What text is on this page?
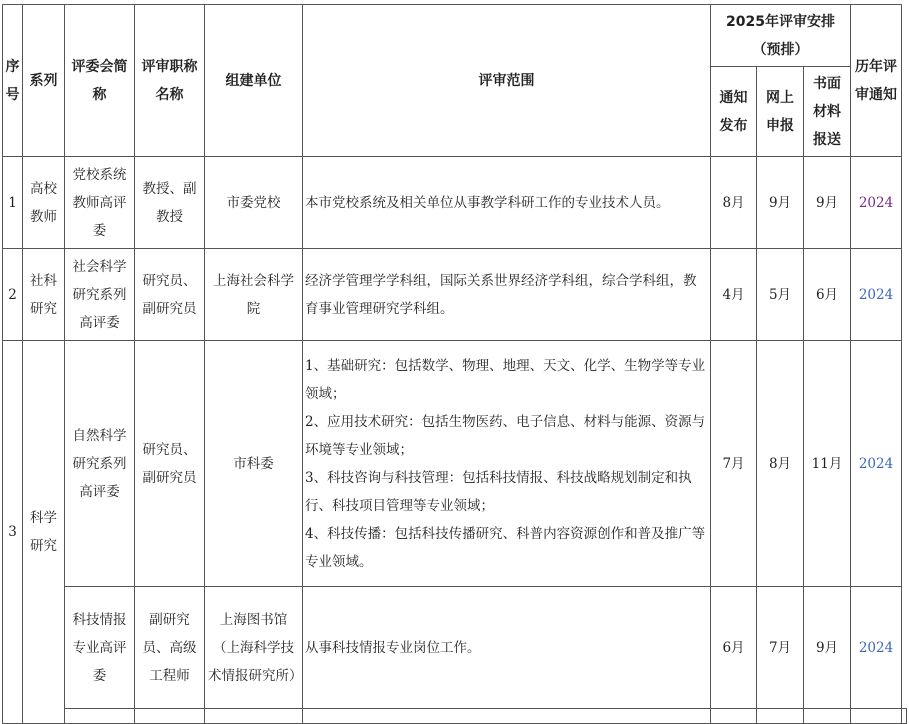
序号	系列	评委会简称	评审职称名称	组建单位	评审范围	2025年评审安排（预排）			历年评审通知	
						通知发布	网上申报	书面材料报送		
1	高校教师	党校系统教师高评委	教授、副教授	市委党校	本市党校系统及相关单位从事教学科研工作的专业技术人员。	8月	9月	9月	2024	
2	社科研究	社会科学研究系列高评委	研究员、副研究员	上海社会科学院	经济学管理学学科组，国际关系世界经济学科组，综合学科组，教育事业管理研究学科组。	4月	5月	6月	2024	
3	科学研究	自然科学研究系列高评委	研究员、副研究员	市科委	1、基础研究：包括数学、物理、地理、天文、化学、生物学等专业领域；
2、应用技术研究：包括生物医药、电子信息、材料与能源、资源与环境等专业领域；
3、科技咨询与科技管理：包括科技情报、科技战略规划制定和执行、科技项目管理等专业领域；
4、科技传播：包括科技传播研究、科普内容资源创作和普及推广等专业领域。	7月	8月	11月	2024	
		科技情报专业高评委	副研究员、高级工程师	上海图书馆（上海科学技术情报研究所）	从事科技情报专业岗位工作。	6月	7月	9月	2024	
